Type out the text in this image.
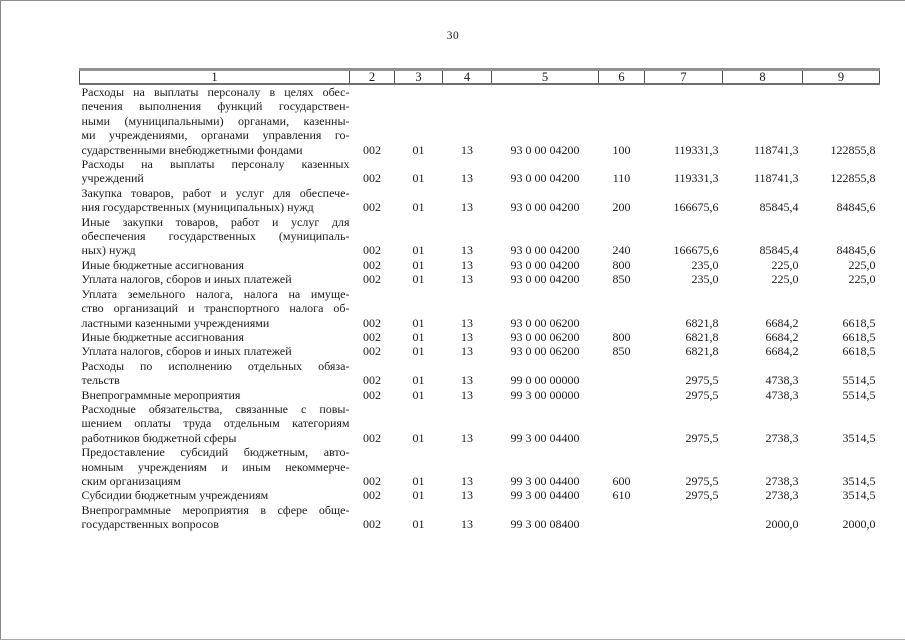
30
1	2	3	4	5	6	7	8	9

Расходы на выплаты персоналу в целях обес-
печения выполнения функций государствен-
ными (муниципальными) органами, казенны-
ми учреждениями, органами управления го-
сударственными внебюджетными фондами	002	01	13	93 0 00 04200	100	119331,3	118741,3	122855,8

Расходы на выплаты персоналу казенных
учреждений	002	01	13	93 0 00 04200	110	119331,3	118741,3	122855,8

Закупка товаров, работ и услуг для обеспече-
ния государственных (муниципальных) нужд	002	01	13	93 0 00 04200	200	166675,6	85845,4	84845,6

Иные закупки товаров, работ и услуг для
обеспечения государственных (муниципаль-
ных) нужд	002	01	13	93 0 00 04200	240	166675,6	85845,4	84845,6

Иные бюджетные ассигнования	002	01	13	93 0 00 04200	800	235,0	225,0	225,0

Уплата налогов, сборов и иных платежей	002	01	13	93 0 00 04200	850	235,0	225,0	225,0

Уплата земельного налога, налога на имуще-
ство организаций и транспортного налога об-
ластными казенными учреждениями	002	01	13	93 0 00 06200		6821,8	6684,2	6618,5

Иные бюджетные ассигнования	002	01	13	93 0 00 06200	800	6821,8	6684,2	6618,5

Уплата налогов, сборов и иных платежей	002	01	13	93 0 00 06200	850	6821,8	6684,2	6618,5

Расходы по исполнению отдельных обяза-
тельств	002	01	13	99 0 00 00000		2975,5	4738,3	5514,5

Внепрограммные мероприятия	002	01	13	99 3 00 00000		2975,5	4738,3	5514,5

Расходные обязательства, связанные с повы-
шением оплаты труда отдельным категориям
работников бюджетной сферы	002	01	13	99 3 00 04400		2975,5	2738,3	3514,5

Предоставление субсидий бюджетным, авто-
номным учреждениям и иным некоммерче-
ским организациям	002	01	13	99 3 00 04400	600	2975,5	2738,3	3514,5

Субсидии бюджетным учреждениям	002	01	13	99 3 00 04400	610	2975,5	2738,3	3514,5

Внепрограммные мероприятия в сфере обще-
государственных вопросов	002	01	13	99 3 00 08400			2000,0	2000,0
